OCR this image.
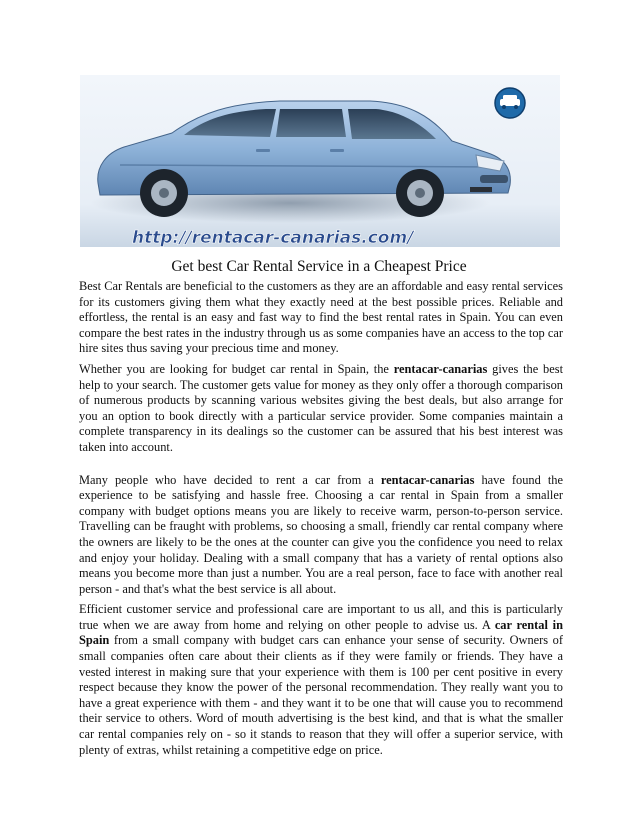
http://rentacar-canarias.com/
Get best Car Rental Service in a Cheapest Price

Best Car Rentals are beneficial to the customers as they are an affordable and easy rental services for its customers giving them what they exactly need at the best possible prices. Reliable and effortless, the rental is an easy and fast way to find the best rental rates in Spain. You can even compare the best rates in the industry through us as some companies have an access to the top car hire sites thus saving your precious time and money.

Whether you are looking for budget car rental in Spain, the rentacar-canarias gives the best help to your search. The customer gets value for money as they only offer a thorough comparison of numerous products by scanning various websites giving the best deals, but also arrange for you an option to book directly with a particular service provider. Some companies maintain a complete transparency in its dealings so the customer can be assured that his best interest was taken into account.

Many people who have decided to rent a car from a rentacar-canarias have found the experience to be satisfying and hassle free. Choosing a car rental in Spain from a smaller company with budget options means you are likely to receive warm, person-to-person service. Travelling can be fraught with problems, so choosing a small, friendly car rental company where the owners are likely to be the ones at the counter can give you the confidence you need to relax and enjoy your holiday. Dealing with a small company that has a variety of rental options also means you become more than just a number. You are a real person, face to face with another real person - and that's what the best service is all about.

Efficient customer service and professional care are important to us all, and this is particularly true when we are away from home and relying on other people to advise us. A car rental in Spain from a small company with budget cars can enhance your sense of security. Owners of small companies often care about their clients as if they were family or friends. They have a vested interest in making sure that your experience with them is 100 per cent positive in every respect because they know the power of the personal recommendation. They really want you to have a great experience with them - and they want it to be one that will cause you to recommend their service to others. Word of mouth advertising is the best kind, and that is what the smaller car rental companies rely on - so it stands to reason that they will offer a superior service, with plenty of extras, whilst retaining a competitive edge on price.
